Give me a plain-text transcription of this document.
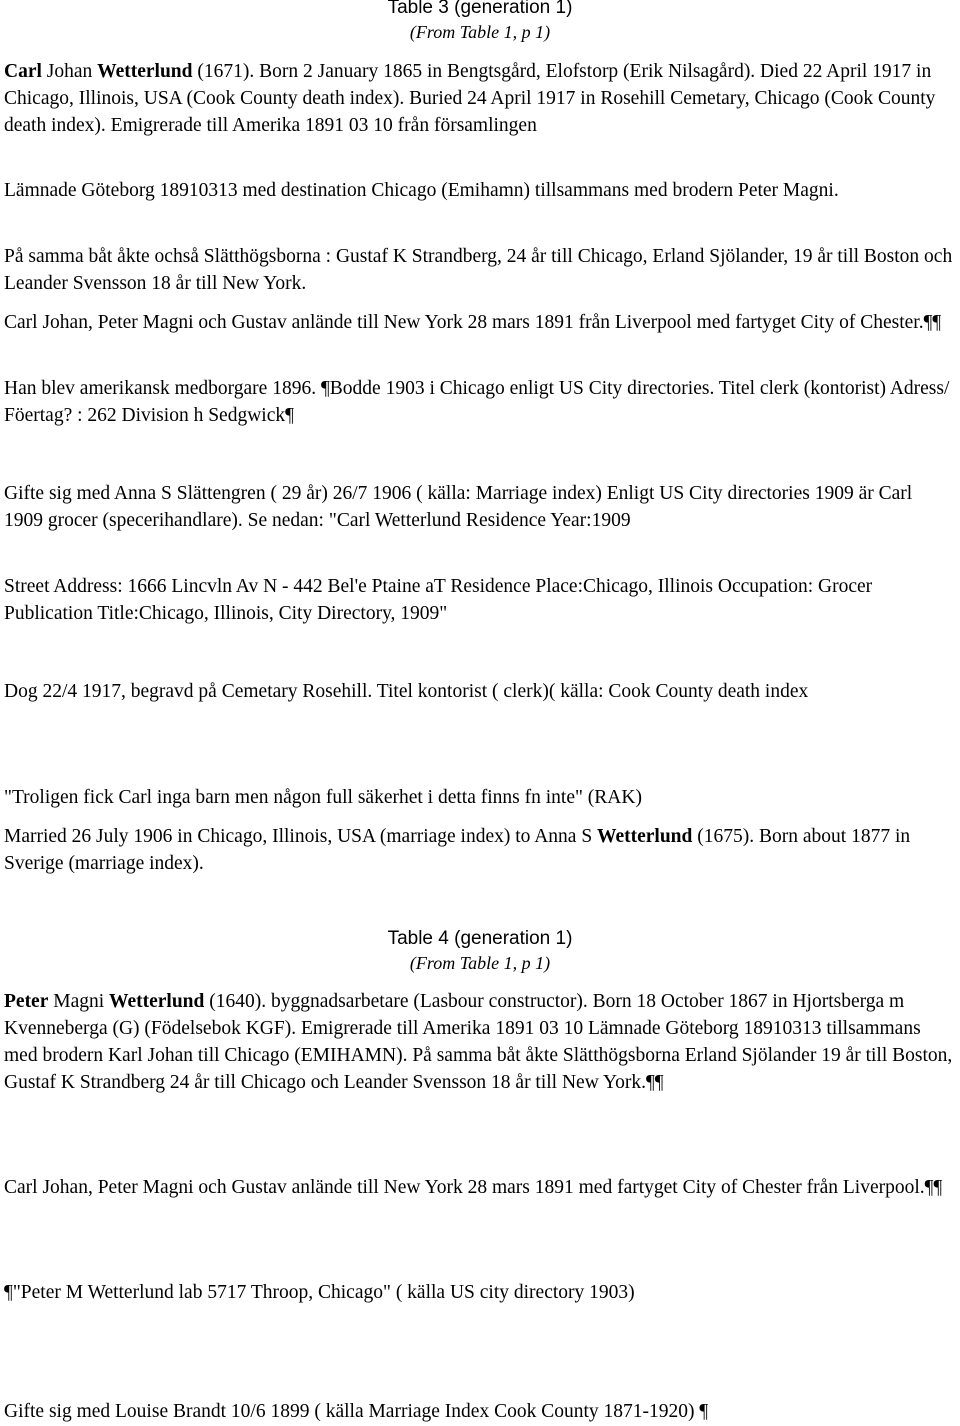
Table 3 (generation 1)
(From Table 1, p 1)

Carl Johan Wetterlund (1671). Born 2 January 1865 in Bengtsgård, Elofstorp (Erik Nilsagård). Died 22 April 1917 in Chicago, Illinois, USA (Cook County death index). Buried 24 April 1917 in Rosehill Cemetary, Chicago (Cook County death index). Emigrerade till Amerika 1891 03 10 från församlingen

Lämnade Göteborg 18910313 med destination Chicago (Emihamn) tillsammans med brodern Peter Magni.

På samma båt åkte ochså Slätthögsborna : Gustaf K Strandberg, 24 år till Chicago, Erland Sjölander, 19 år till Boston och Leander Svensson 18 år till New York.

Carl Johan, Peter Magni och Gustav anlände till New York 28 mars 1891 från Liverpool med fartyget City of Chester.¶¶

Han blev amerikansk medborgare 1896. ¶Bodde 1903 i Chicago enligt US City directories. Titel clerk (kontorist) Adress/ Föertag? : 262 Division h Sedgwick¶

Gifte sig med Anna S Slättengren ( 29 år) 26/7 1906 ( källa: Marriage index) Enligt US City directories 1909 är Carl 1909 grocer (specerihandlare). Se nedan: "Carl Wetterlund Residence Year:1909

Street Address: 1666 Lincvln Av N - 442 Bel'e Ptaine aT Residence Place:Chicago, Illinois Occupation: Grocer Publication Title:Chicago, Illinois, City Directory, 1909"

Dog 22/4 1917, begravd på Cemetary Rosehill. Titel kontorist ( clerk)( källa: Cook County death index

"Troligen fick Carl inga barn men någon full säkerhet i detta finns fn inte" (RAK)

Married 26 July 1906 in Chicago, Illinois, USA (marriage index) to Anna S Wetterlund (1675). Born about 1877 in Sverige (marriage index).

Table 4 (generation 1)
(From Table 1, p 1)

Peter Magni Wetterlund (1640). byggnadsarbetare (Lasbour constructor). Born 18 October 1867 in Hjortsberga m Kvenneberga (G) (Födelsebok KGF). Emigrerade till Amerika 1891 03 10 Lämnade Göteborg 18910313 tillsammans med brodern Karl Johan till Chicago (EMIHAMN). På samma båt åkte Slätthögsborna Erland Sjölander 19 år till Boston, Gustaf K Strandberg 24 år till Chicago och Leander Svensson 18 år till New York.¶¶

Carl Johan, Peter Magni och Gustav anlände till New York 28 mars 1891 med fartyget City of Chester från Liverpool.¶¶

¶"Peter M Wetterlund lab 5717 Throop, Chicago" ( källa US city directory 1903)

Gifte sig med Louise Brandt 10/6 1899 ( källa Marriage Index Cook County 1871-1920) ¶
